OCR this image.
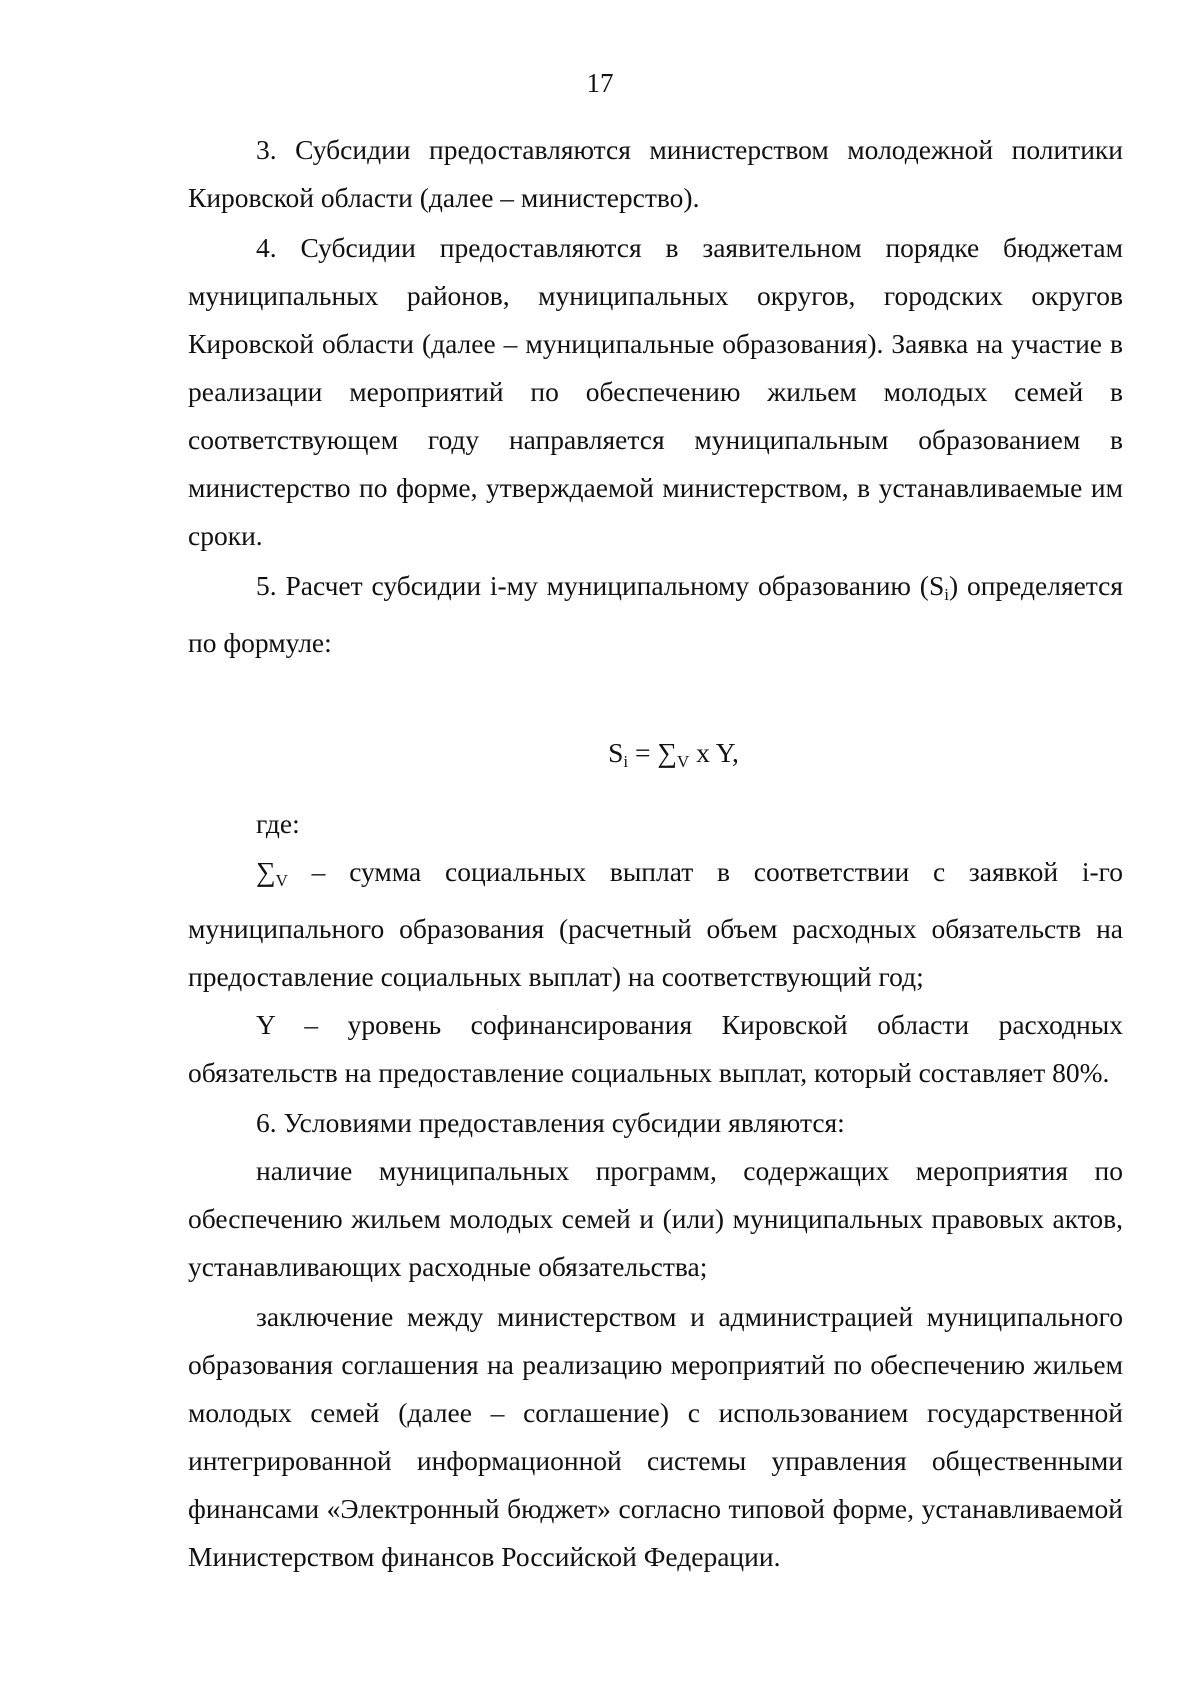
17

3. Субсидии предоставляются министерством молодежной политики Кировской области (далее – министерство).

4. Субсидии предоставляются в заявительном порядке бюджетам муниципальных районов, муниципальных округов, городских округов Кировской области (далее – муниципальные образования). Заявка на участие в реализации мероприятий по обеспечению жильем молодых семей в соответствующем году направляется муниципальным образованием в министерство по форме, утверждаемой министерством, в устанавливаемые им сроки.

5. Расчет субсидии i-му муниципальному образованию $(S_i)$ определяется по формуле:

$S_i = \sum_V$ x Y,

где:

$\sum_V$ – сумма социальных выплат в соответствии с заявкой i-го муниципального образования (расчетный объем расходных обязательств на предоставление социальных выплат) на соответствующий год;

Y – уровень софинансирования Кировской области расходных обязательств на предоставление социальных выплат, который составляет 80%.

6. Условиями предоставления субсидии являются:

наличие муниципальных программ, содержащих мероприятия по обеспечению жильем молодых семей и (или) муниципальных правовых актов, устанавливающих расходные обязательства;

заключение между министерством и администрацией муниципального образования соглашения на реализацию мероприятий по обеспечению жильем молодых семей (далее – соглашение) с использованием государственной интегрированной информационной системы управления общественными финансами «Электронный бюджет» согласно типовой форме, устанавливаемой Министерством финансов Российской Федерации.
